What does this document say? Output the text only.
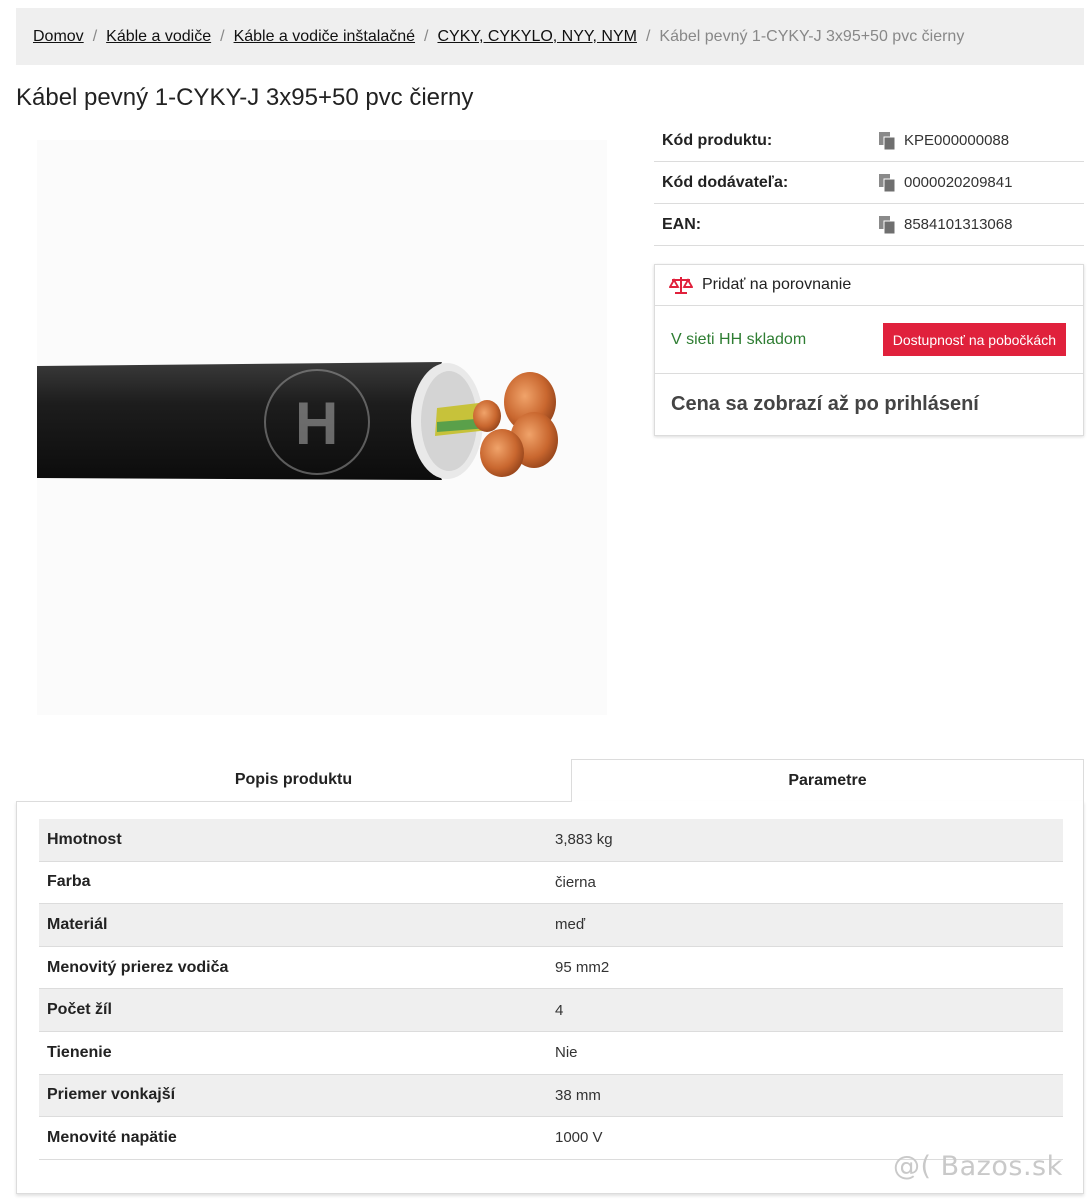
Domov / Káble a vodiče / Káble a vodiče inštalačné / CYKY, CYKYLO, NYY, NYM / Kábel pevný 1-CYKY-J 3x95+50 pvc čierny
Kábel pevný 1-CYKY-J 3x95+50 pvc čierny
H
Kód produktu:	KPE000000088
Kód dodávateľa:	0000020209841
EAN:	8584101313068
Pridať na porovnanie
V sieti HH skladom	Dostupnosť na pobočkách
Cena sa zobrazí až po prihlásení
Popis produktu	Parametre
Hmotnost	3,883 kg
Farba	čierna
Materiál	meď
Menovitý prierez vodiča	95 mm2
Počet žíl	4
Tienenie	Nie
Priemer vonkajší	38 mm
Menovité napätie	1000 V
@( Bazos.sk
